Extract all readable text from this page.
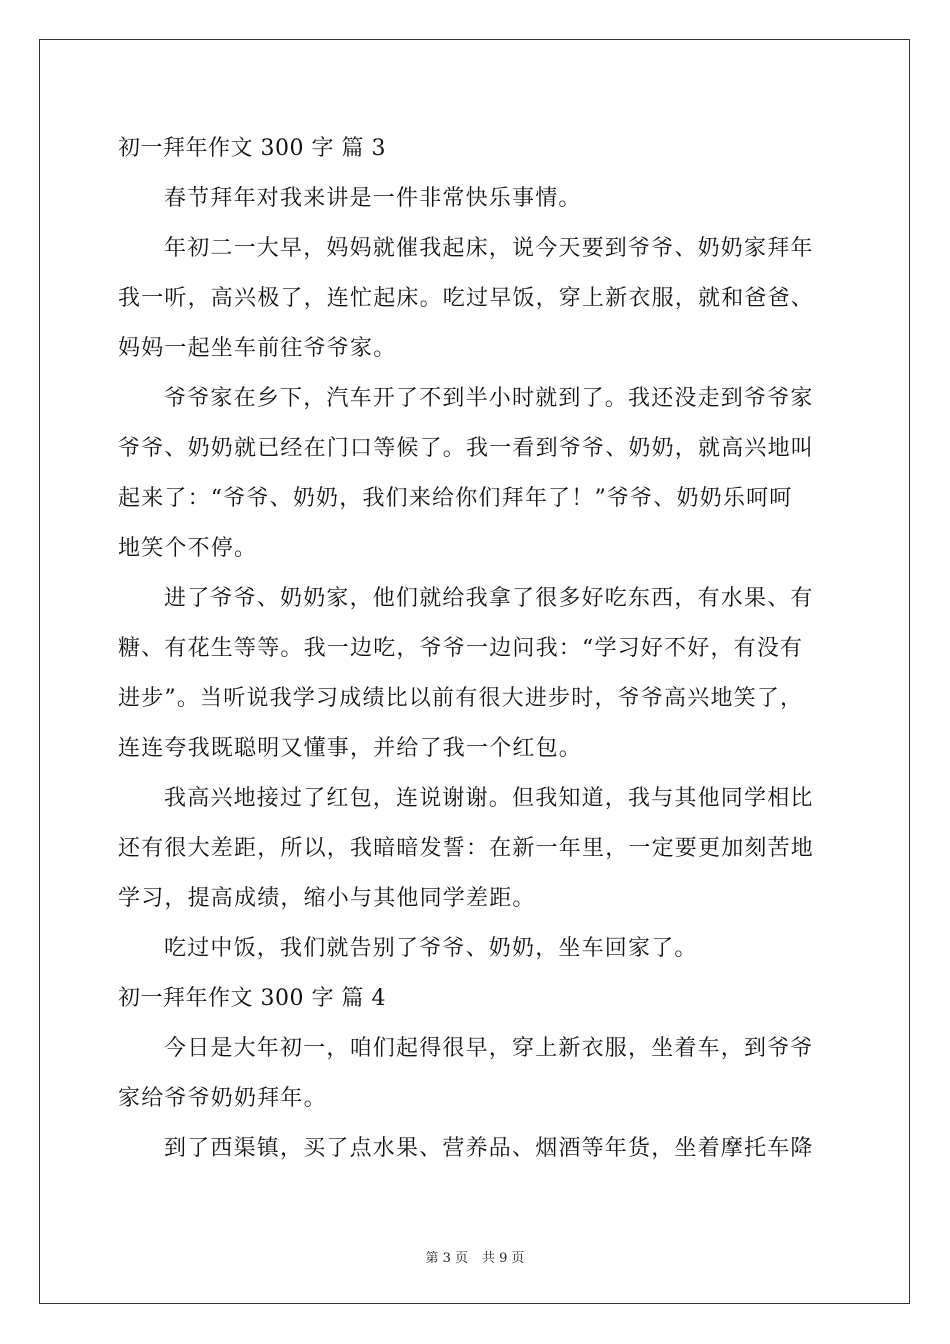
初一拜年作文 300 字 篇 3
春节拜年对我来讲是一件非常快乐事情。
年初二一大早，妈妈就催我起床，说今天要到爷爷、奶奶家拜年
我一听，高兴极了，连忙起床。吃过早饭，穿上新衣服，就和爸爸、
妈妈一起坐车前往爷爷家。
爷爷家在乡下，汽车开了不到半小时就到了。我还没走到爷爷家
爷爷、奶奶就已经在门口等候了。我一看到爷爷、奶奶，就高兴地叫
起来了：“爷爷、奶奶，我们来给你们拜年了！”爷爷、奶奶乐呵呵
地笑个不停。
进了爷爷、奶奶家，他们就给我拿了很多好吃东西，有水果、有
糖、有花生等等。我一边吃，爷爷一边问我：“学习好不好，有没有
进步”。当听说我学习成绩比以前有很大进步时，爷爷高兴地笑了，
连连夸我既聪明又懂事，并给了我一个红包。
我高兴地接过了红包，连说谢谢。但我知道，我与其他同学相比
还有很大差距，所以，我暗暗发誓：在新一年里，一定要更加刻苦地
学习，提高成绩，缩小与其他同学差距。
吃过中饭，我们就告别了爷爷、奶奶，坐车回家了。
初一拜年作文 300 字 篇 4
今日是大年初一，咱们起得很早，穿上新衣服，坐着车，到爷爷
家给爷爷奶奶拜年。
到了西渠镇，买了点水果、营养品、烟酒等年货，坐着摩托车降
第 3 页 共 9 页
